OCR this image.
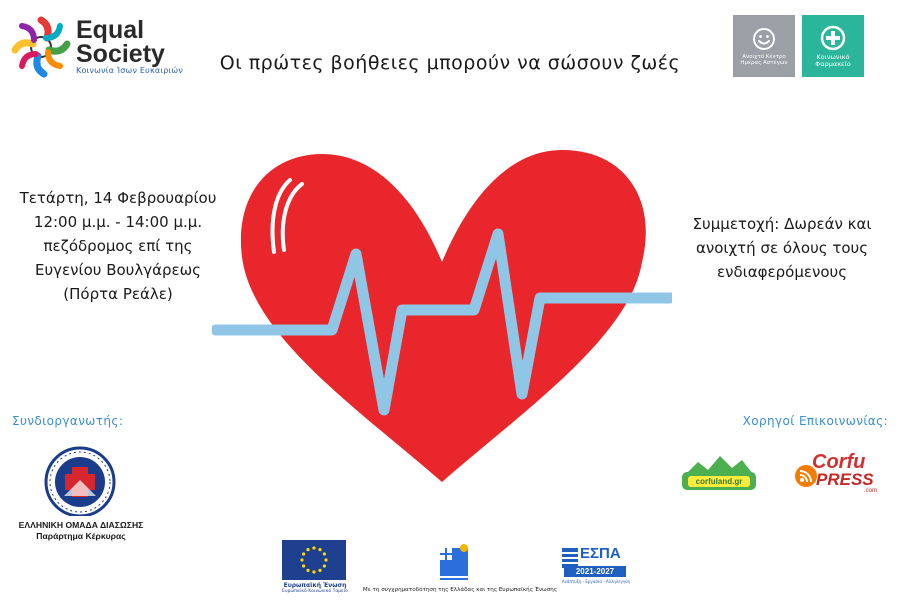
Equal
Society
Κοινωνία Ίσων Ευκαιριών Οι πρώτες βοήθειες μπορούν να σώσουν ζωές	Ανοιχτό Κέντρο Ημέρας Αστέγων
Κοινωνικό Φαρμακείο
Τετάρτη, 14 Φεβρουαρίου
12:00 μ.μ. - 14:00 μ.μ.
πεζόδρομος επί της
Ευγενίου Βουλγάρεως
(Πόρτα Ρεάλε)
Συμμετοχή: Δωρεάν και
ανοιχτή σε όλους τους
ενδιαφερόμενους
Συνδιοργανωτής:	Χορηγοί Επικοινωνίας:
ΕΛΛΗΝΙΚΗ ΟΜΑΔΑ ΔΙΑΣΩΣΗΣ
Παράρτημα Κέρκυρας
corfuland.gr
Corfu
PRESS
.com
Ευρωπαϊκή Ένωση
Ευρωπαϊκό Κοινωνικό Ταμείο	Με τη συγχρηματοδότηση της Ελλάδας και της Ευρωπαϊκής Ένωσης
ΕΣΠΑ
2021-2027
Ανάπτυξη - Εργασία - Αλληλεγγύη
